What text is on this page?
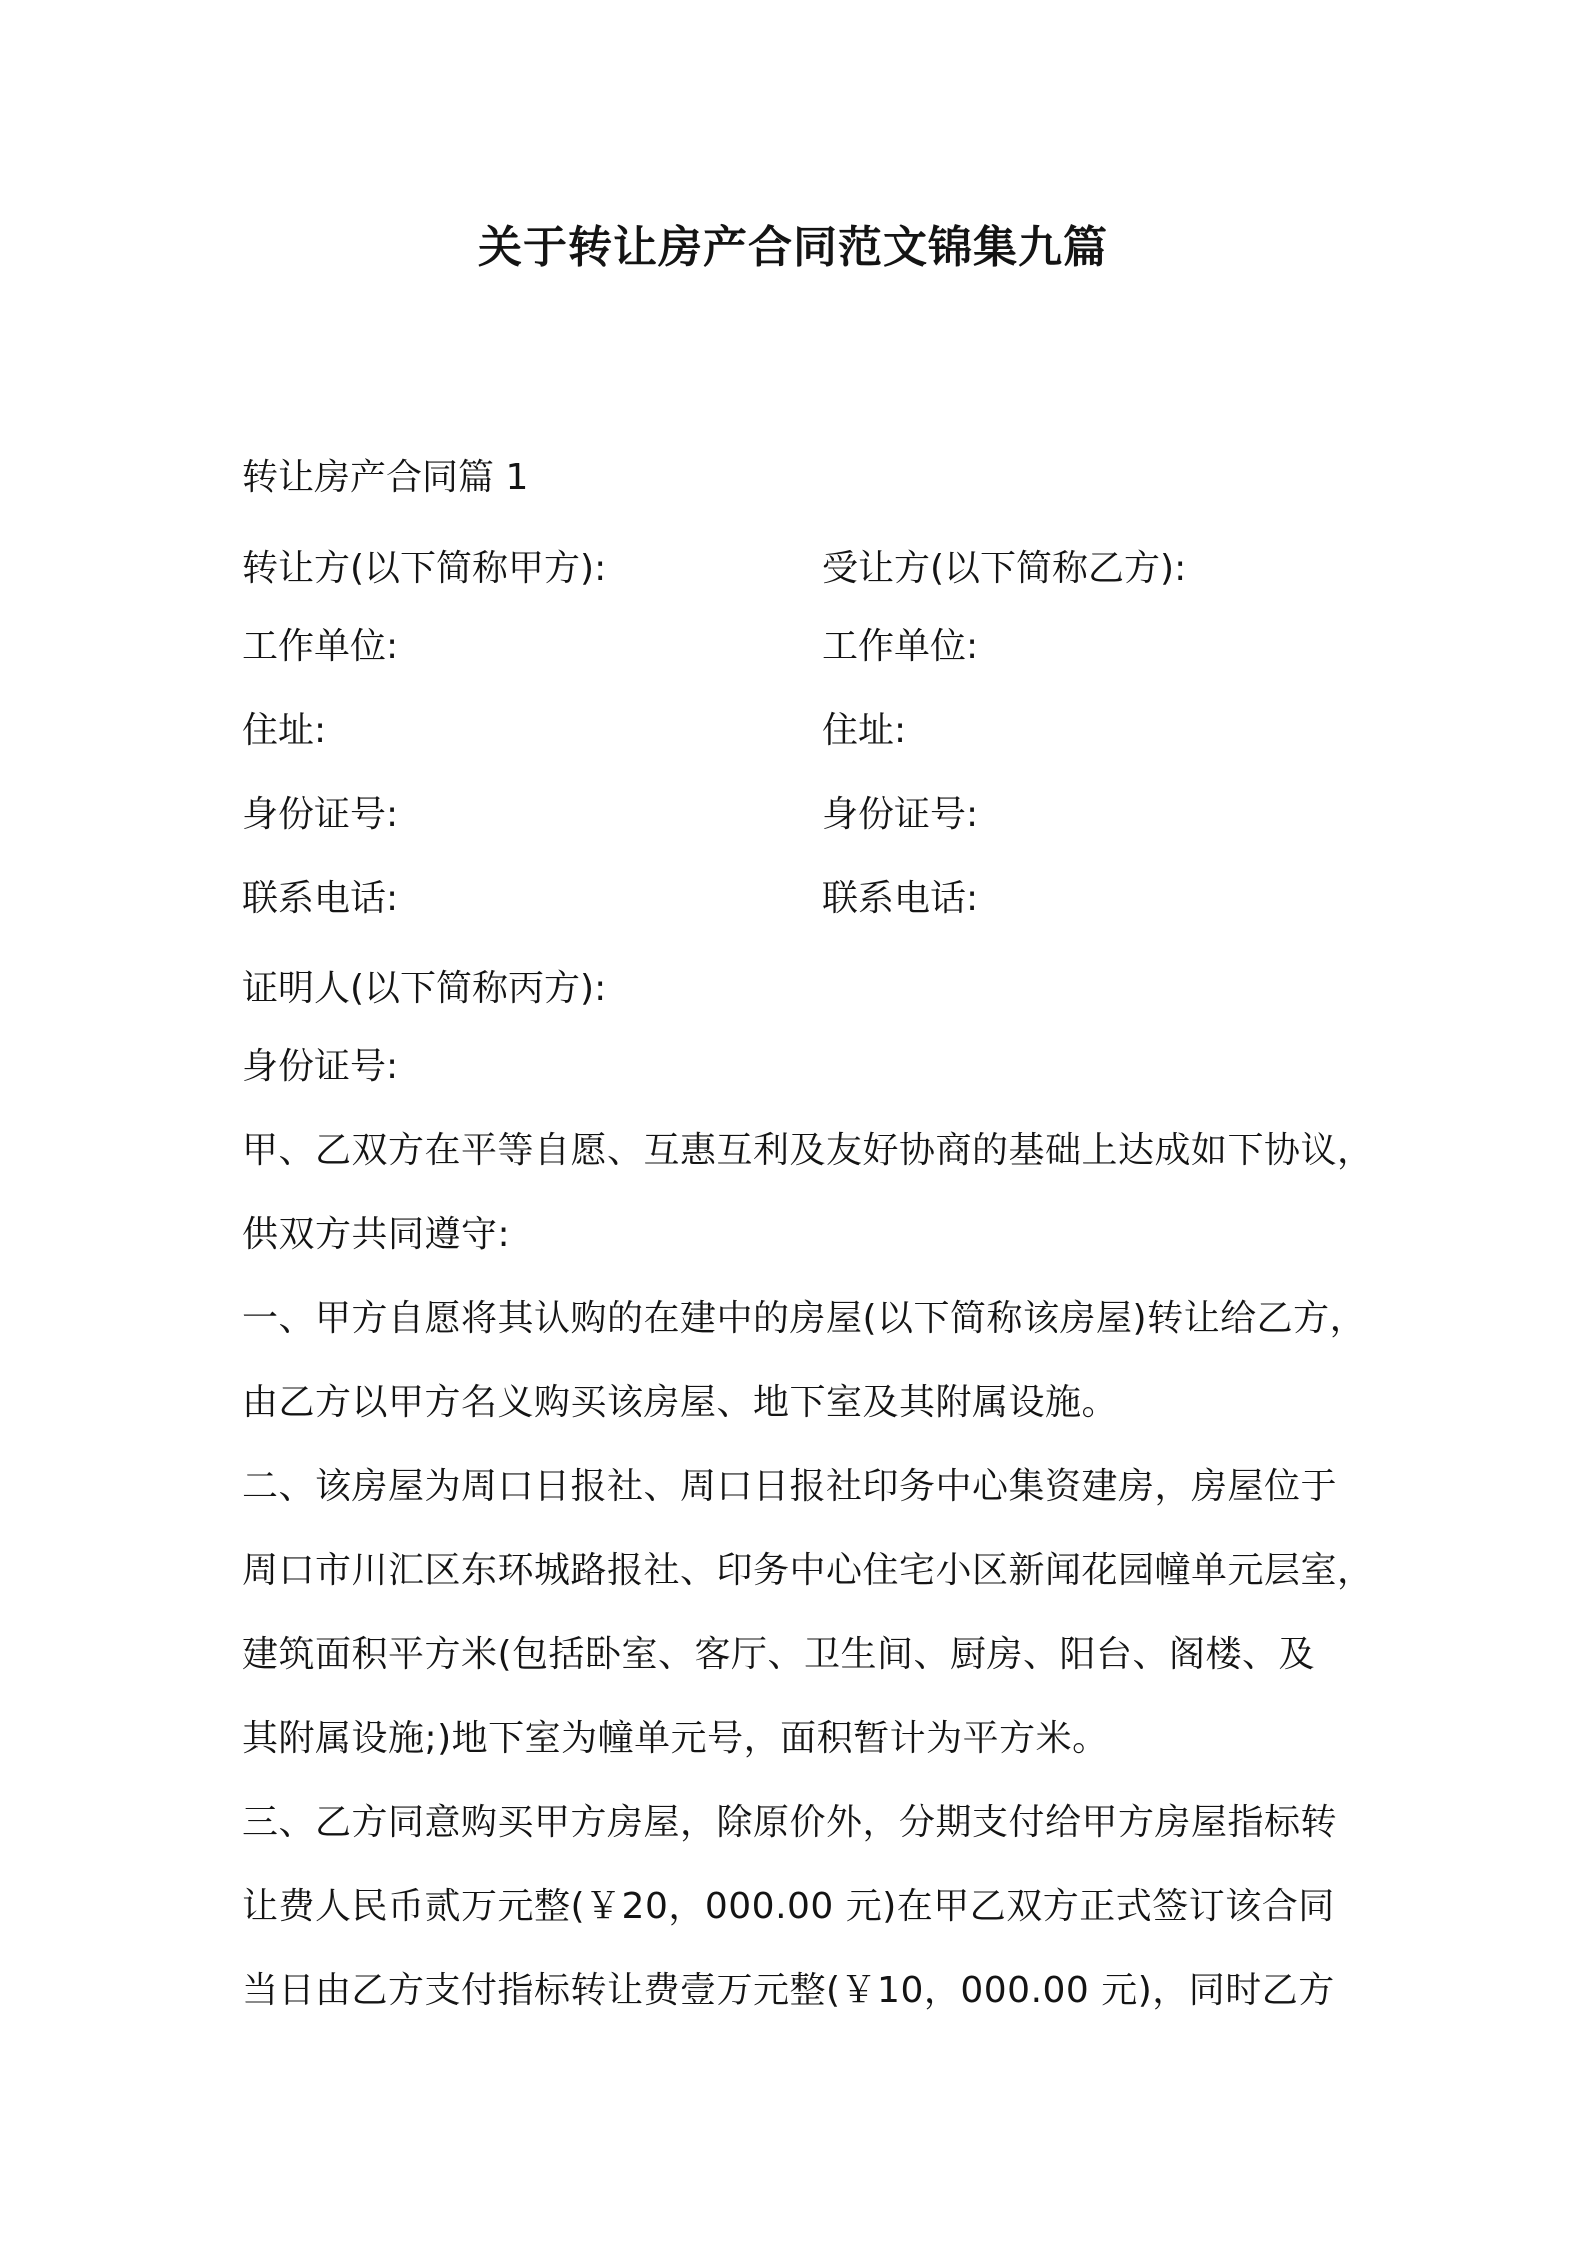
关于转让房产合同范文锦集九篇
转让房产合同篇 1
转让方(以下简称甲方):	受让方(以下简称乙方):
工作单位:
住址:
身份证号:
联系电话:
工作单位:
住址:
身份证号:
联系电话:
证明人(以下简称丙方):
身份证号:
甲、乙双方在平等自愿、互惠互利及友好协商的基础上达成如下协议，
供双方共同遵守:
一、甲方自愿将其认购的在建中的房屋(以下简称该房屋)转让给乙方，
由乙方以甲方名义购买该房屋、地下室及其附属设施。
二、该房屋为周口日报社、周口日报社印务中心集资建房，房屋位于
周口市川汇区东环城路报社、印务中心住宅小区新闻花园幢单元层室，
建筑面积平方米(包括卧室、客厅、卫生间、厨房、阳台、阁楼、及
其附属设施;)地下室为幢单元号，面积暂计为平方米。
三、乙方同意购买甲方房屋，除原价外，分期支付给甲方房屋指标转
让费人民币贰万元整(￥20，000.00 元)在甲乙双方正式签订该合同
当日由乙方支付指标转让费壹万元整(￥10，000.00 元)，同时乙方
